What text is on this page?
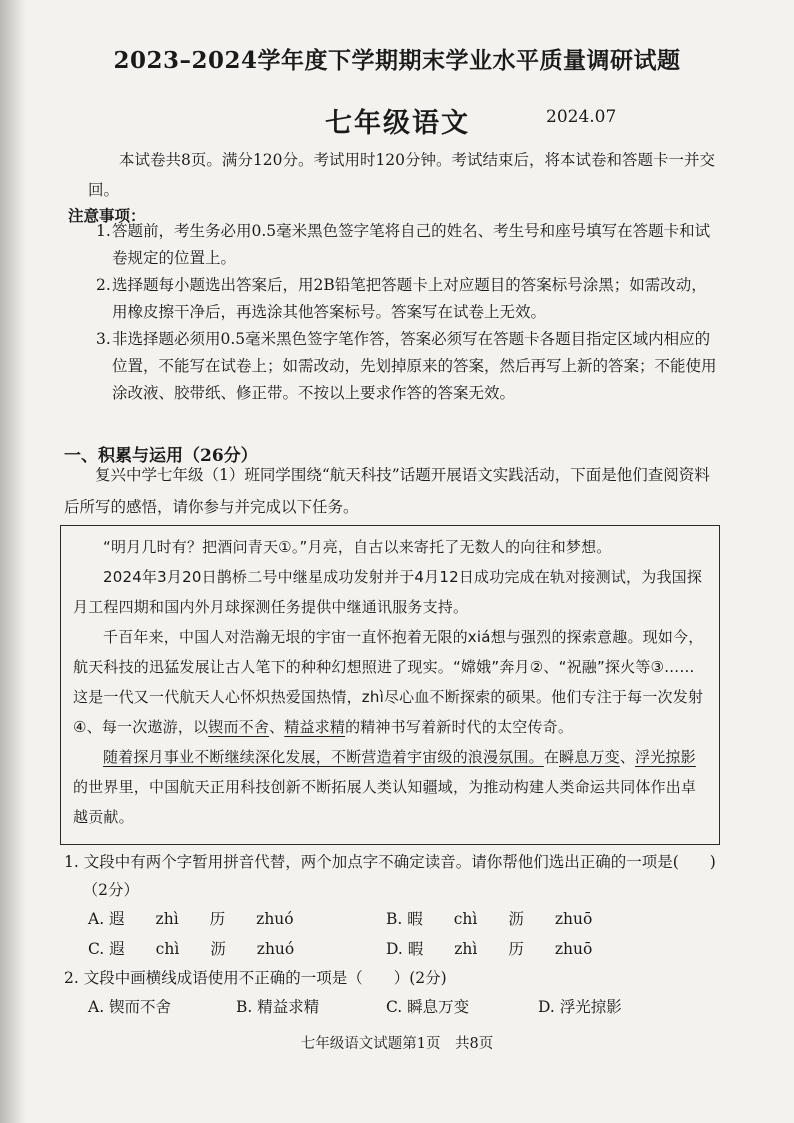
2023–2024学年度下学期期末学业水平质量调研试题
七年级语文	2024.07
本试卷共8页。满分120分。考试用时120分钟。考试结束后，将本试卷和答题卡一并交回。
注意事项：
1. 答题前，考生务必用0.5毫米黑色签字笔将自己的姓名、考生号和座号填写在答题卡和试卷规定的位置上。
2. 选择题每小题选出答案后，用2B铅笔把答题卡上对应题目的答案标号涂黑；如需改动，用橡皮擦干净后，再选涂其他答案标号。答案写在试卷上无效。
3. 非选择题必须用0.5毫米黑色签字笔作答，答案必须写在答题卡各题目指定区域内相应的位置，不能写在试卷上；如需改动，先划掉原来的答案，然后再写上新的答案；不能使用涂改液、胶带纸、修正带。不按以上要求作答的答案无效。
一、积累与运用（26分）
复兴中学七年级（1）班同学围绕“航天科技”话题开展语文实践活动，下面是他们查阅资料后所写的感悟，请你参与并完成以下任务。

“明月几时有？把酒问青天①。”月亮，自古以来寄托了无数人的向往和梦想。

2024年3月20日鹊桥二号中继星成功发射并于4月12日成功完成在轨对接测试，为我国探月工程四期和国内外月球探测任务提供中继通讯服务支持。

千百年来，中国人对浩瀚无垠的宇宙一直怀抱着无限的xiá想与强烈的探索意趣。现如今，航天科技的迅猛发展让古人笔下的种种幻想照进了现实。“嫦娥”奔月②、“祝融”探火等③……这是一代又一代航天人心怀炽热爱国热情，zhì尽心血不断探索的硕果。他们专注于每一次发射④、每一次遨游，以锲而不舍、精益求精的精神书写着新时代的太空传奇。

随着探月事业不断继续深化发展，不断营造着宇宙级的浪漫氛围。在瞬息万变、浮光掠影的世界里，中国航天正用科技创新不断拓展人类认知疆域，为推动构建人类命运共同体作出卓越贡献。

1. 文段中有两个字暂用拼音代替，两个加点字不确定读音。请你帮他们选出正确的一项是(　　)（2分）
A. 遐　　zhì　　历　　zhuó	B. 暇　　chì　　沥　　zhuō
C. 遐　　chì　　沥　　zhuó	D. 暇　　zhì　　历　　zhuō
2. 文段中画横线成语使用不正确的一项是（　　）(2分)
A. 锲而不舍	B. 精益求精	C. 瞬息万变	D. 浮光掠影
七年级语文试题第1页　共8页
